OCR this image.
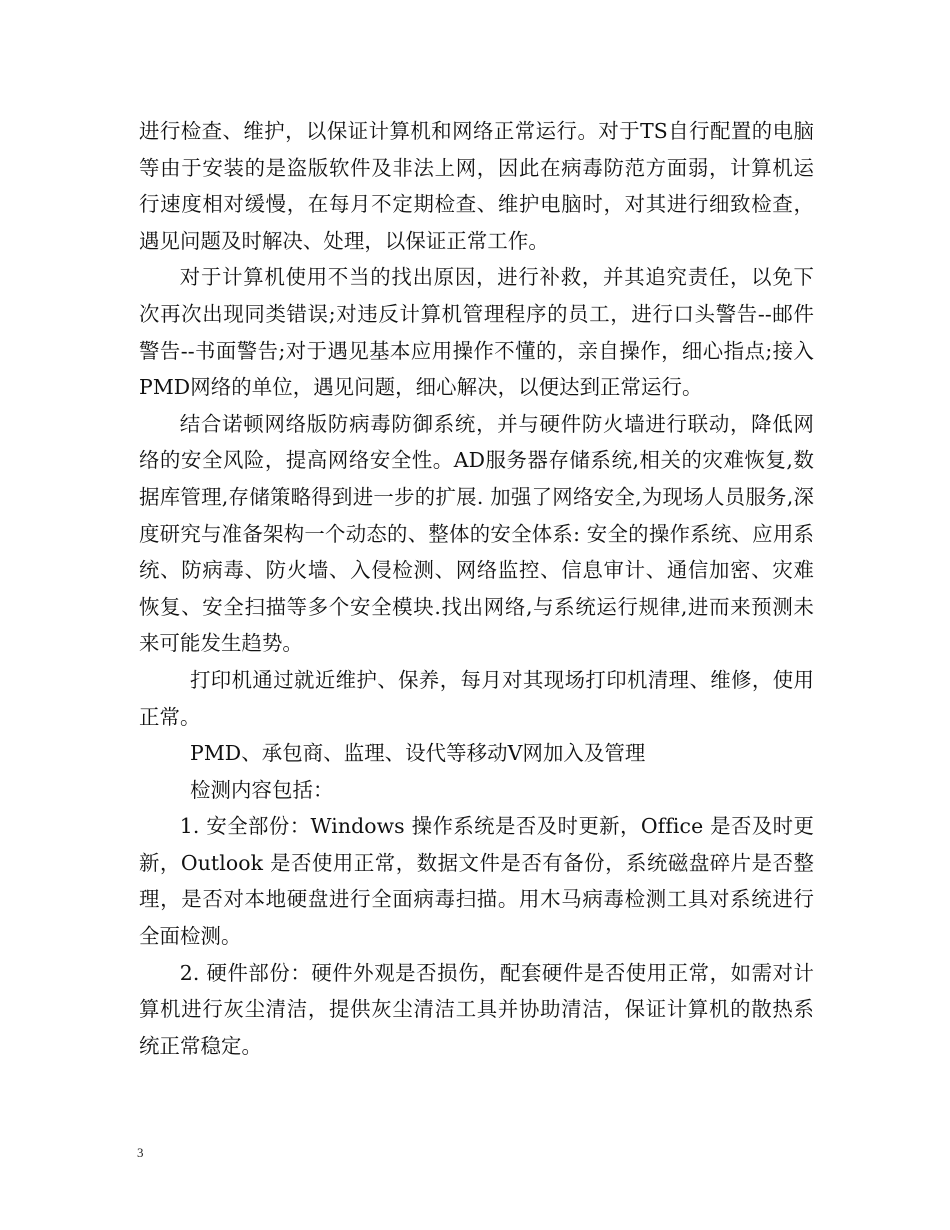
进行检查、维护，以保证计算机和网络正常运行。对于TS自行配置的电脑等由于安装的是盗版软件及非法上网，因此在病毒防范方面弱，计算机运行速度相对缓慢，在每月不定期检查、维护电脑时，对其进行细致检查，遇见问题及时解决、处理，以保证正常工作。

对于计算机使用不当的找出原因，进行补救，并其追究责任，以免下次再次出现同类错误;对违反计算机管理程序的员工，进行口头警告--邮件警告--书面警告;对于遇见基本应用操作不懂的，亲自操作，细心指点;接入PMD网络的单位，遇见问题，细心解决，以便达到正常运行。

结合诺顿网络版防病毒防御系统，并与硬件防火墙进行联动，降低网络的安全风险，提高网络安全性。AD服务器存储系统,相关的灾难恢复,数据库管理,存储策略得到进一步的扩展. 加强了网络安全,为现场人员服务,深度研究与准备架构一个动态的、整体的安全体系: 安全的操作系统、应用系统、防病毒、防火墙、入侵检测、网络监控、信息审计、通信加密、灾难恢复、安全扫描等多个安全模块.找出网络,与系统运行规律,进而来预测未来可能发生趋势。

打印机通过就近维护、保养，每月对其现场打印机清理、维修，使用正常。

PMD、承包商、监理、设代等移动V网加入及管理

检测内容包括：

1. 安全部份：Windows 操作系统是否及时更新，Office 是否及时更新，Outlook 是否使用正常，数据文件是否有备份，系统磁盘碎片是否整理，是否对本地硬盘进行全面病毒扫描。用木马病毒检测工具对系统进行全面检测。

2. 硬件部份：硬件外观是否损伤，配套硬件是否使用正常，如需对计算机进行灰尘清洁，提供灰尘清洁工具并协助清洁，保证计算机的散热系统正常稳定。

3
